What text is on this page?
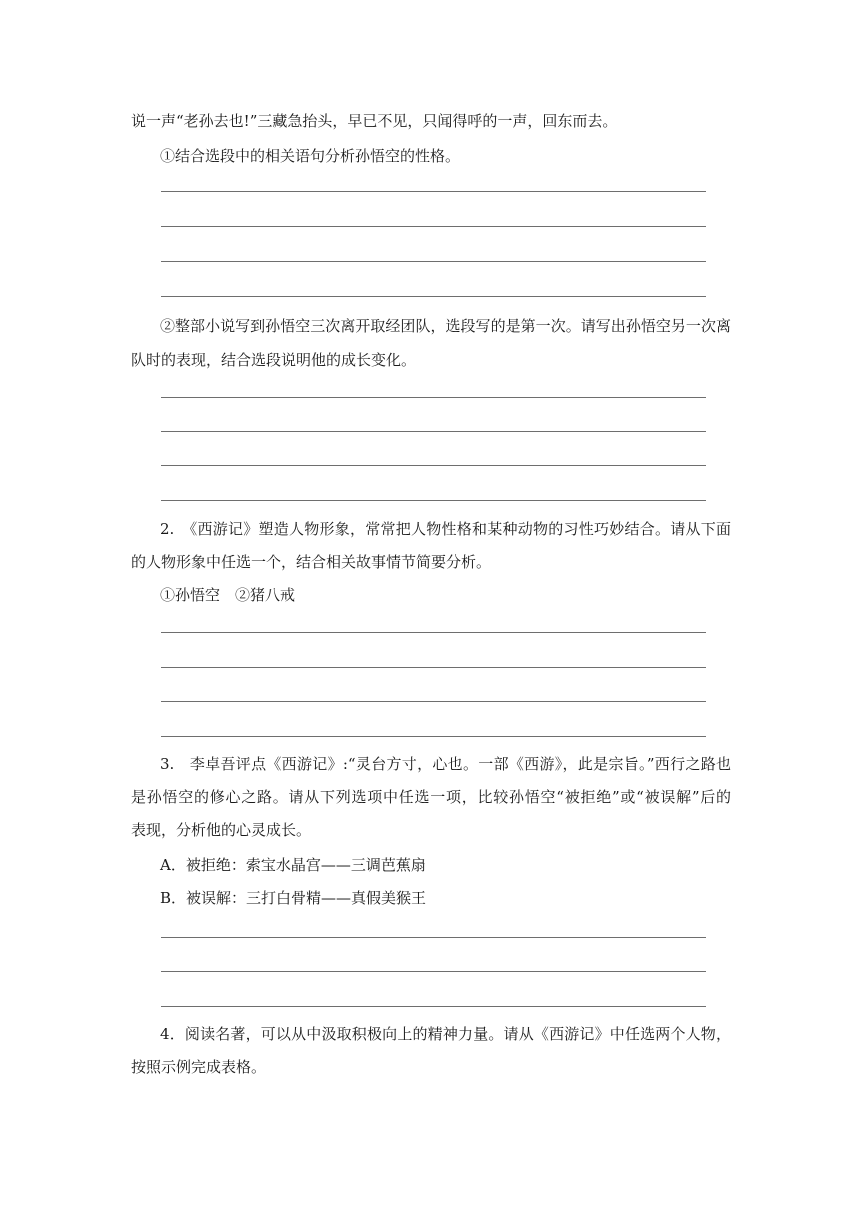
说一声“老孙去也!”三藏急抬头，早已不见，只闻得呼的一声，回东而去。
①结合选段中的相关语句分析孙悟空的性格。
②整部小说写到孙悟空三次离开取经团队，选段写的是第一次。请写出孙悟空另一次离
队时的表现，结合选段说明他的成长变化。
2.　《西游记》塑造人物形象，常常把人物性格和某种动物的习性巧妙结合。请从下面
的人物形象中任选一个，结合相关故事情节简要分析。
①孙悟空　②猪八戒
3.　李卓吾评点《西游记》:“灵台方寸，心也。一部《西游》，此是宗旨。”西行之路也
是孙悟空的修心之路。请从下列选项中任选一项，比较孙悟空“被拒绝”或“被误解”后的
表现，分析他的心灵成长。
A．被拒绝：索宝水晶宫——三调芭蕉扇
B．被误解：三打白骨精——真假美猴王
4．阅读名著，可以从中汲取积极向上的精神力量。请从《西游记》中任选两个人物，
按照示例完成表格。
